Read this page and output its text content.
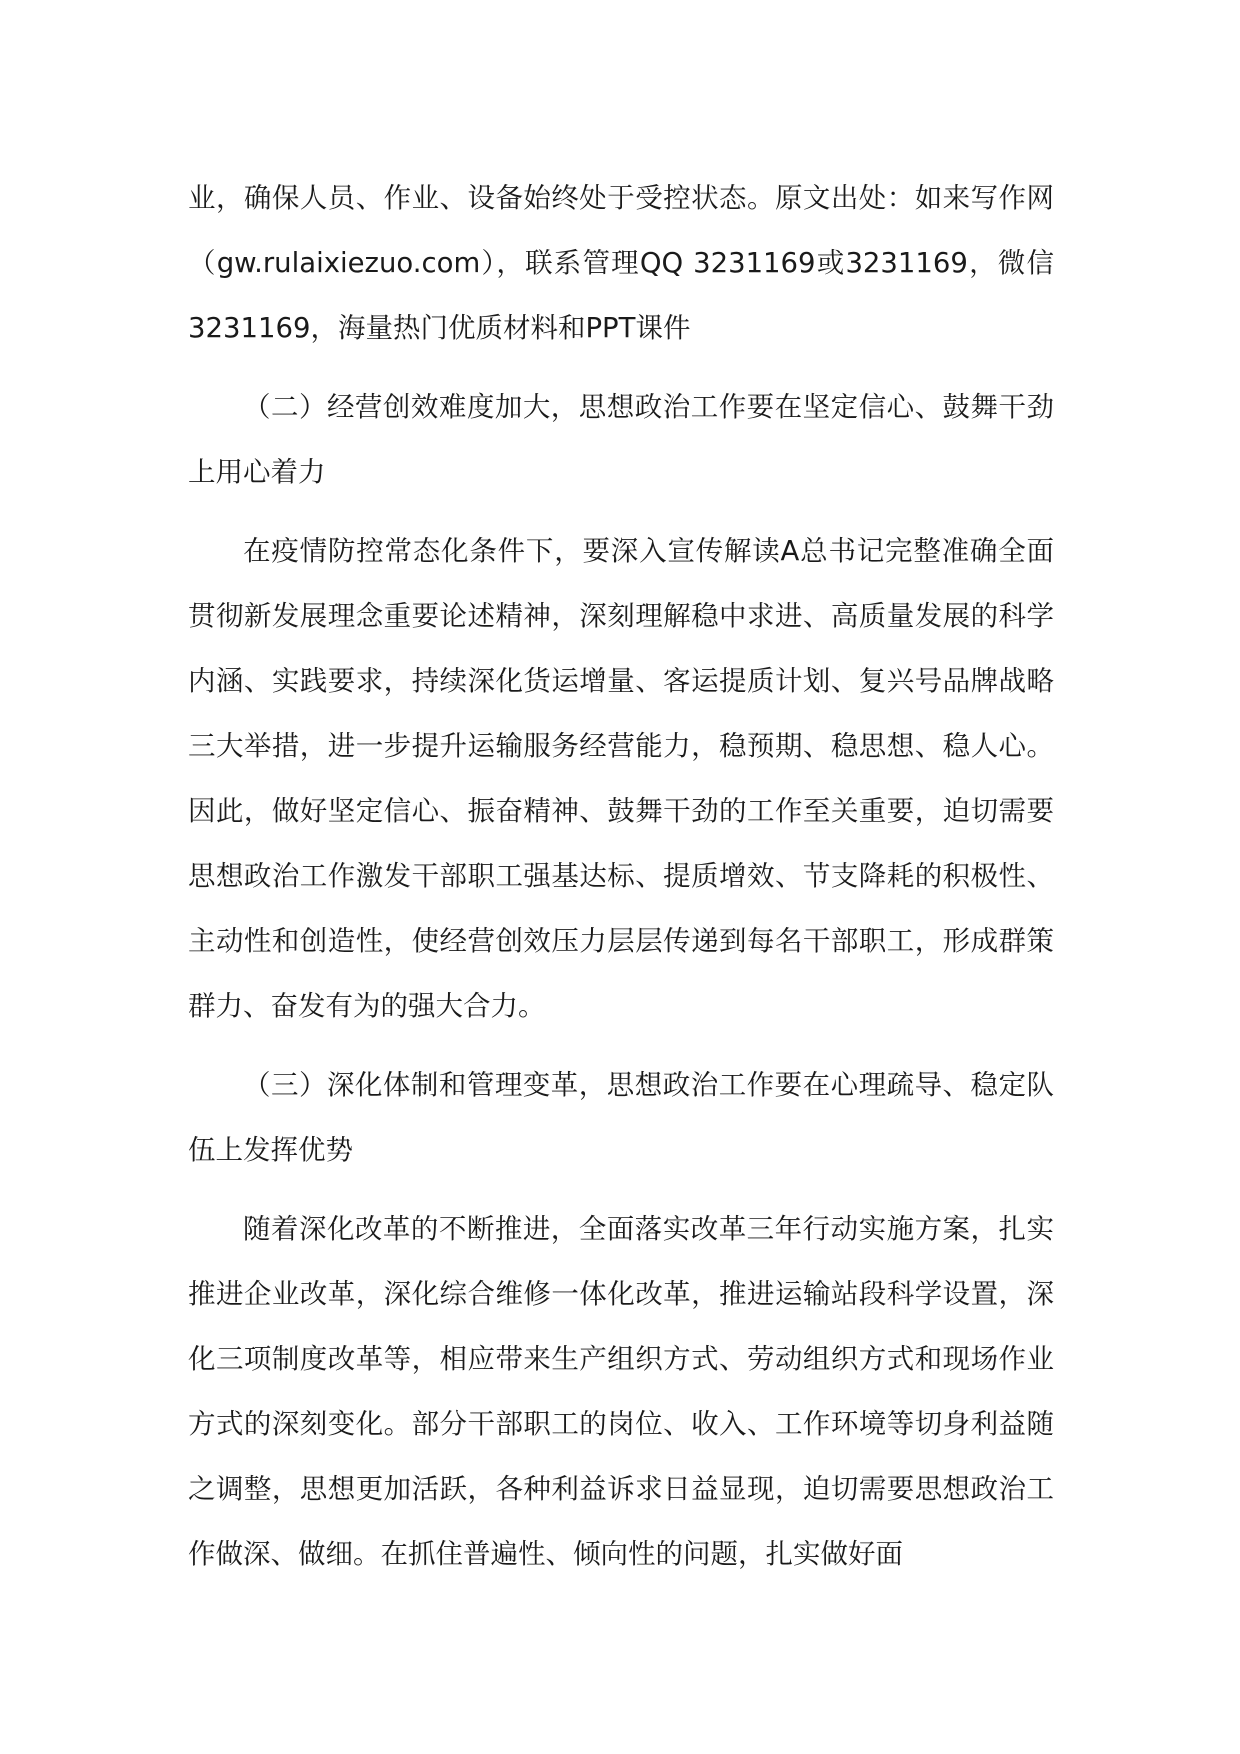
业，确保人员、作业、设备始终处于受控状态。原文出处：如来写作网（gw.rulaixiezuo.com），联系管理QQ 3231169或3231169，微信3231169，海量热门优质材料和PPT课件

（二）经营创效难度加大，思想政治工作要在坚定信心、鼓舞干劲上用心着力

在疫情防控常态化条件下，要深入宣传解读A总书记完整准确全面贯彻新发展理念重要论述精神，深刻理解稳中求进、高质量发展的科学内涵、实践要求，持续深化货运增量、客运提质计划、复兴号品牌战略三大举措，进一步提升运输服务经营能力，稳预期、稳思想、稳人心。因此，做好坚定信心、振奋精神、鼓舞干劲的工作至关重要，迫切需要思想政治工作激发干部职工强基达标、提质增效、节支降耗的积极性、主动性和创造性，使经营创效压力层层传递到每名干部职工，形成群策群力、奋发有为的强大合力。

（三）深化体制和管理变革，思想政治工作要在心理疏导、稳定队伍上发挥优势

随着深化改革的不断推进，全面落实改革三年行动实施方案，扎实推进企业改革，深化综合维修一体化改革，推进运输站段科学设置，深化三项制度改革等，相应带来生产组织方式、劳动组织方式和现场作业方式的深刻变化。部分干部职工的岗位、收入、工作环境等切身利益随之调整，思想更加活跃，各种利益诉求日益显现，迫切需要思想政治工作做深、做细。在抓住普遍性、倾向性的问题，扎实做好面
